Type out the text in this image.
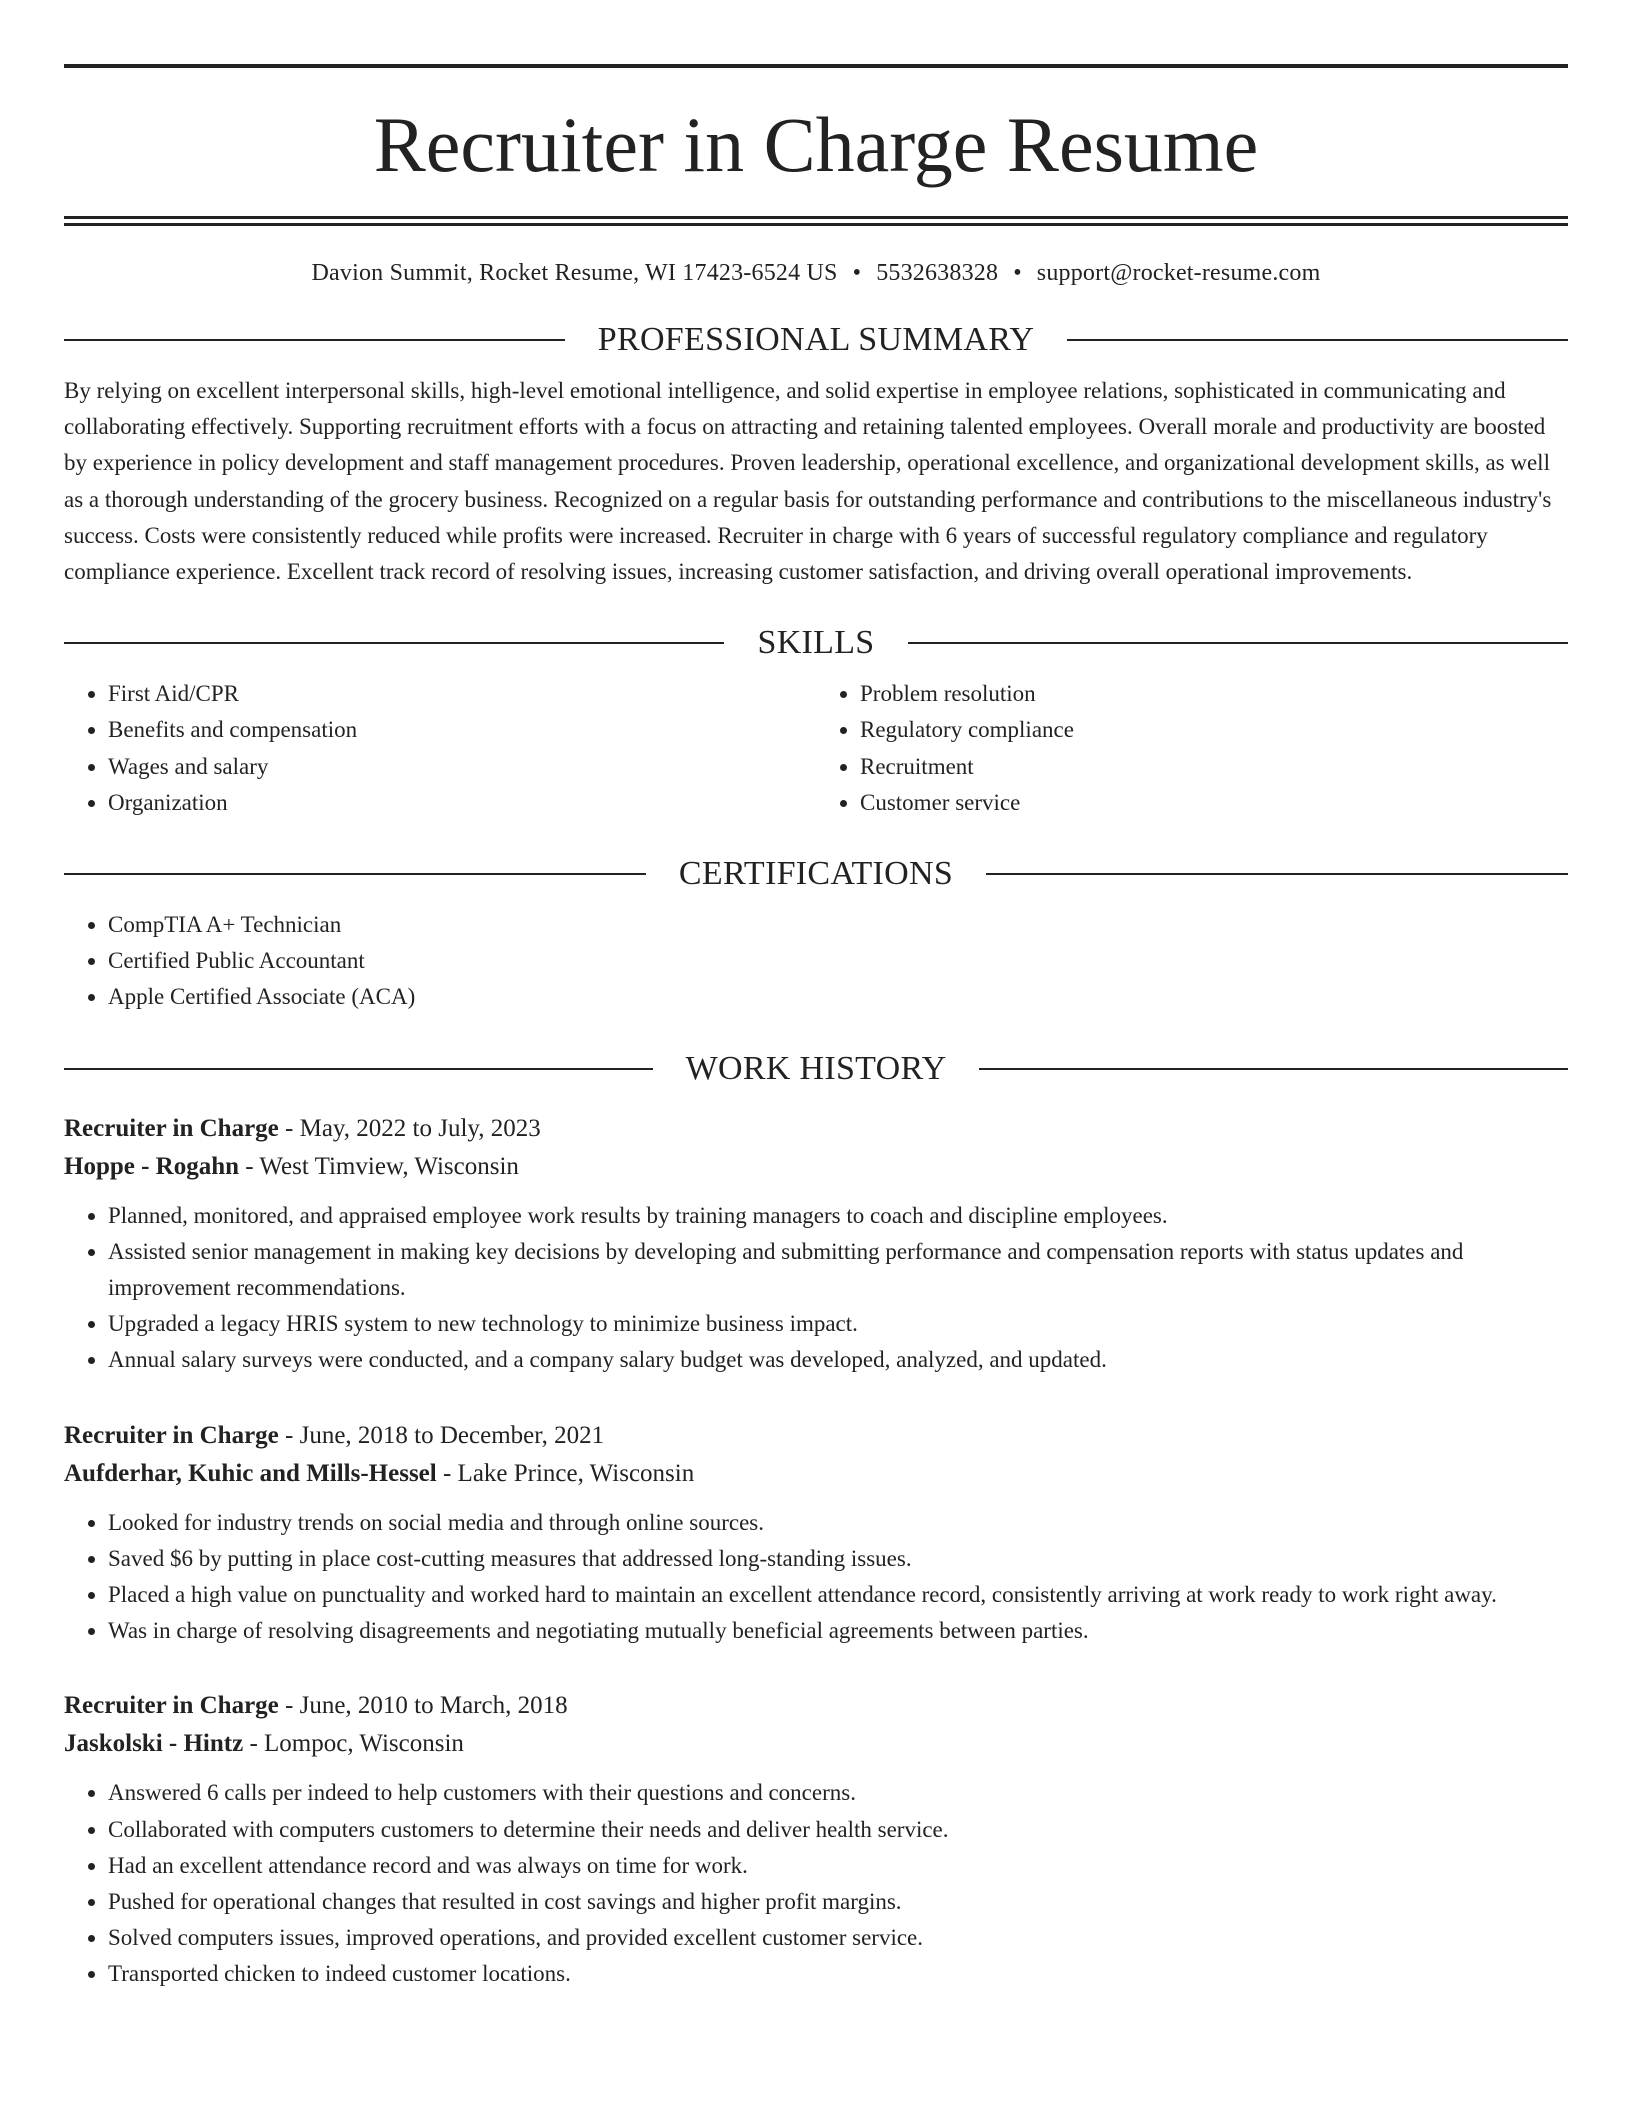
Recruiter in Charge Resume
Davion Summit, Rocket Resume, WI 17423-6524 US • 5532638328 • support@rocket-resume.com
PROFESSIONAL SUMMARY

By relying on excellent interpersonal skills, high-level emotional intelligence, and solid expertise in employee relations, sophisticated in communicating and collaborating effectively. Supporting recruitment efforts with a focus on attracting and retaining talented employees. Overall morale and productivity are boosted by experience in policy development and staff management procedures. Proven leadership, operational excellence, and organizational development skills, as well as a thorough understanding of the grocery business. Recognized on a regular basis for outstanding performance and contributions to the miscellaneous industry's success. Costs were consistently reduced while profits were increased. Recruiter in charge with 6 years of successful regulatory compliance and regulatory compliance experience. Excellent track record of resolving issues, increasing customer satisfaction, and driving overall operational improvements.

SKILLS
• First Aid/CPR
• Benefits and compensation
• Wages and salary
• Organization
• Problem resolution
• Regulatory compliance
• Recruitment
• Customer service
CERTIFICATIONS
• CompTIA A+ Technician
• Certified Public Accountant
• Apple Certified Associate (ACA)
WORK HISTORY
Recruiter in Charge - May, 2022 to July, 2023
Hoppe - Rogahn - West Timview, Wisconsin
• Planned, monitored, and appraised employee work results by training managers to coach and discipline employees.
• Assisted senior management in making key decisions by developing and submitting performance and compensation reports with status updates and improvement recommendations.
• Upgraded a legacy HRIS system to new technology to minimize business impact.
• Annual salary surveys were conducted, and a company salary budget was developed, analyzed, and updated.
Recruiter in Charge - June, 2018 to December, 2021
Aufderhar, Kuhic and Mills-Hessel - Lake Prince, Wisconsin
• Looked for industry trends on social media and through online sources.
• Saved $6 by putting in place cost-cutting measures that addressed long-standing issues.
• Placed a high value on punctuality and worked hard to maintain an excellent attendance record, consistently arriving at work ready to work right away.
• Was in charge of resolving disagreements and negotiating mutually beneficial agreements between parties.
Recruiter in Charge - June, 2010 to March, 2018
Jaskolski - Hintz - Lompoc, Wisconsin
• Answered 6 calls per indeed to help customers with their questions and concerns.
• Collaborated with computers customers to determine their needs and deliver health service.
• Had an excellent attendance record and was always on time for work.
• Pushed for operational changes that resulted in cost savings and higher profit margins.
• Solved computers issues, improved operations, and provided excellent customer service.
• Transported chicken to indeed customer locations.
